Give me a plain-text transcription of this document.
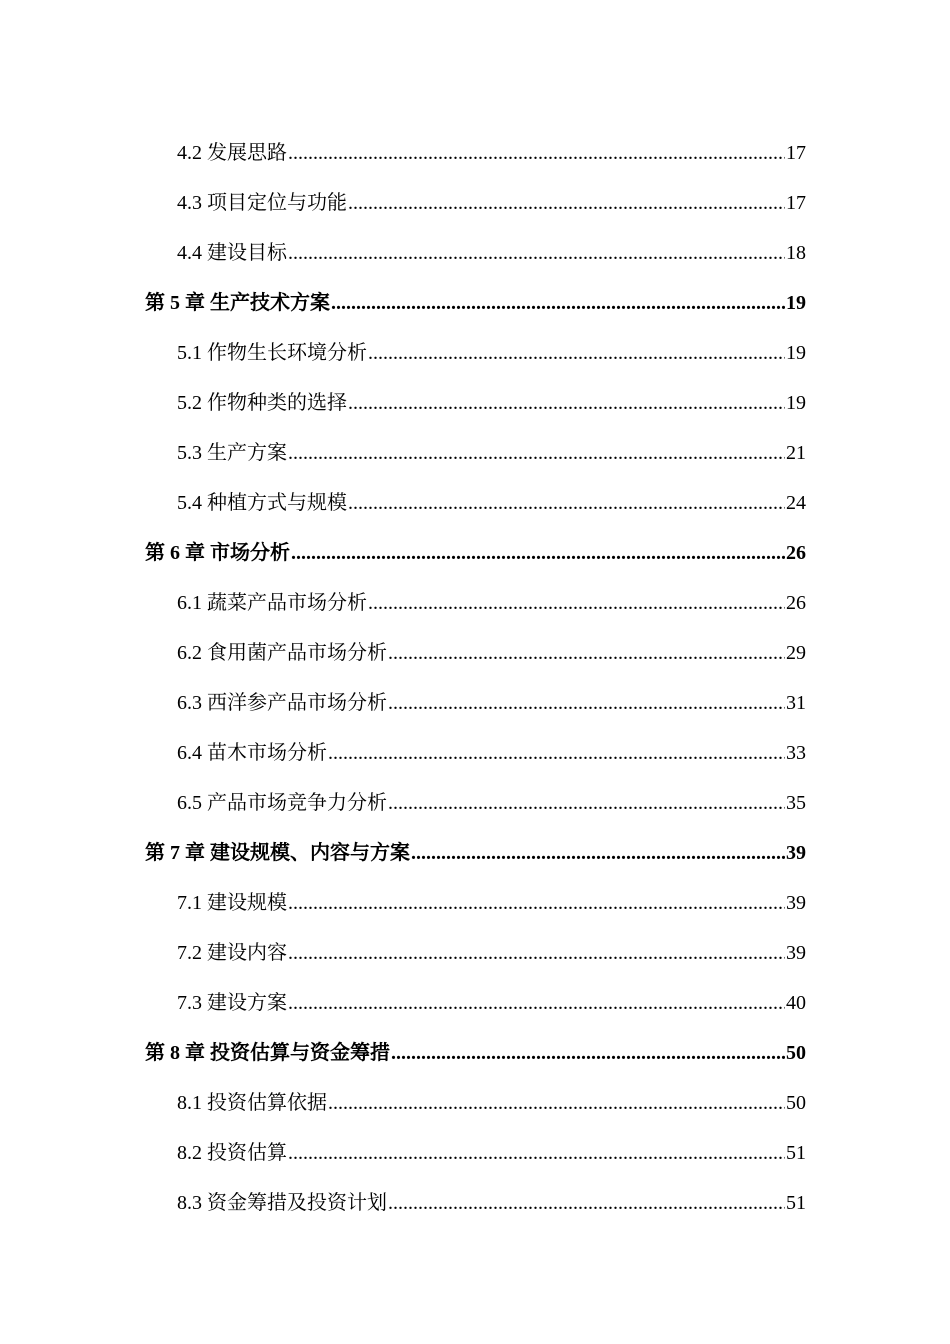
4.2 发展思路 .....	17
4.3 项目定位与功能 .....	17
4.4 建设目标 .....	18
第 5 章 生产技术方案 .....	19
5.1 作物生长环境分析 .....	19
5.2 作物种类的选择 .....	19
5.3 生产方案 .....	21
5.4 种植方式与规模 .....	24
第 6 章 市场分析 .....	26
6.1 蔬菜产品市场分析 .....	26
6.2 食用菌产品市场分析 .....	29
6.3 西洋参产品市场分析 .....	31
6.4 苗木市场分析 .....	33
6.5 产品市场竞争力分析 .....	35
第 7 章 建设规模、内容与方案 .....	39
7.1 建设规模 .....	39
7.2 建设内容 .....	39
7.3 建设方案 .....	40
第 8 章 投资估算与资金筹措 .....	50
8.1 投资估算依据 .....	50
8.2 投资估算 .....	51
8.3 资金筹措及投资计划 .....	51
